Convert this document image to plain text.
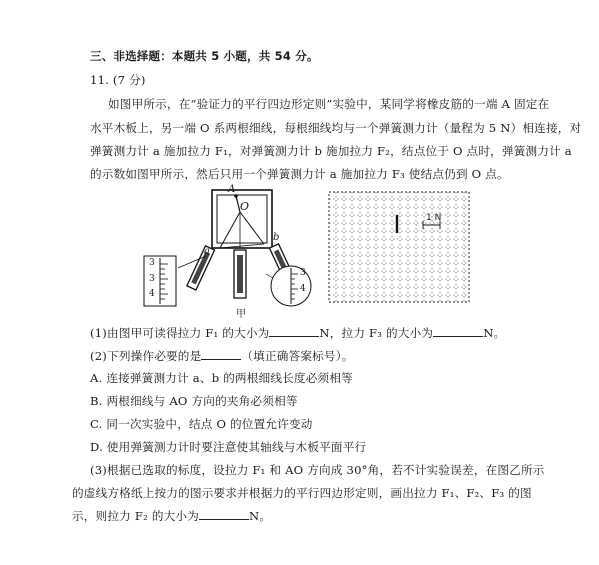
三、非选择题：本题共 5 小题，共 54 分。
11. (7 分)
如图甲所示，在“验证力的平行四边形定则”实验中，某同学将橡皮筋的一端 A 固定在
水平木板上，另一端 O 系两根细线，每根细线均与一个弹簧测力计（量程为 5 N）相连接，对
弹簧测力计 a 施加拉力 F₁，对弹簧测力计 b 施加拉力 F₂，结点位于 O 点时，弹簧测力计 a
的示数如图甲所示，然后只用一个弹簧测力计 a 施加拉力 F₃ 使结点仍到 O 点。
A
O
a
b
3
3
4
3
4
甲
1 N
(1)由图甲可读得拉力 F₁ 的大小为	N，拉力 F₃ 的大小为	N。
(2)下列操作必要的是	（填正确答案标号）。
A. 连接弹簧测力计 a、b 的两根细线长度必须相等
B. 两根细线与 AO 方向的夹角必须相等
C. 同一次实验中，结点 O 的位置允许变动
D. 使用弹簧测力计时要注意使其轴线与木板平面平行
(3)根据已选取的标度，设拉力 F₁ 和 AO 方向成 30°角，若不计实验误差，在图乙所示
的虚线方格纸上按力的图示要求并根据力的平行四边形定则，画出拉力 F₁、F₂、F₃ 的图
示，则拉力 F₂ 的大小为	N。
